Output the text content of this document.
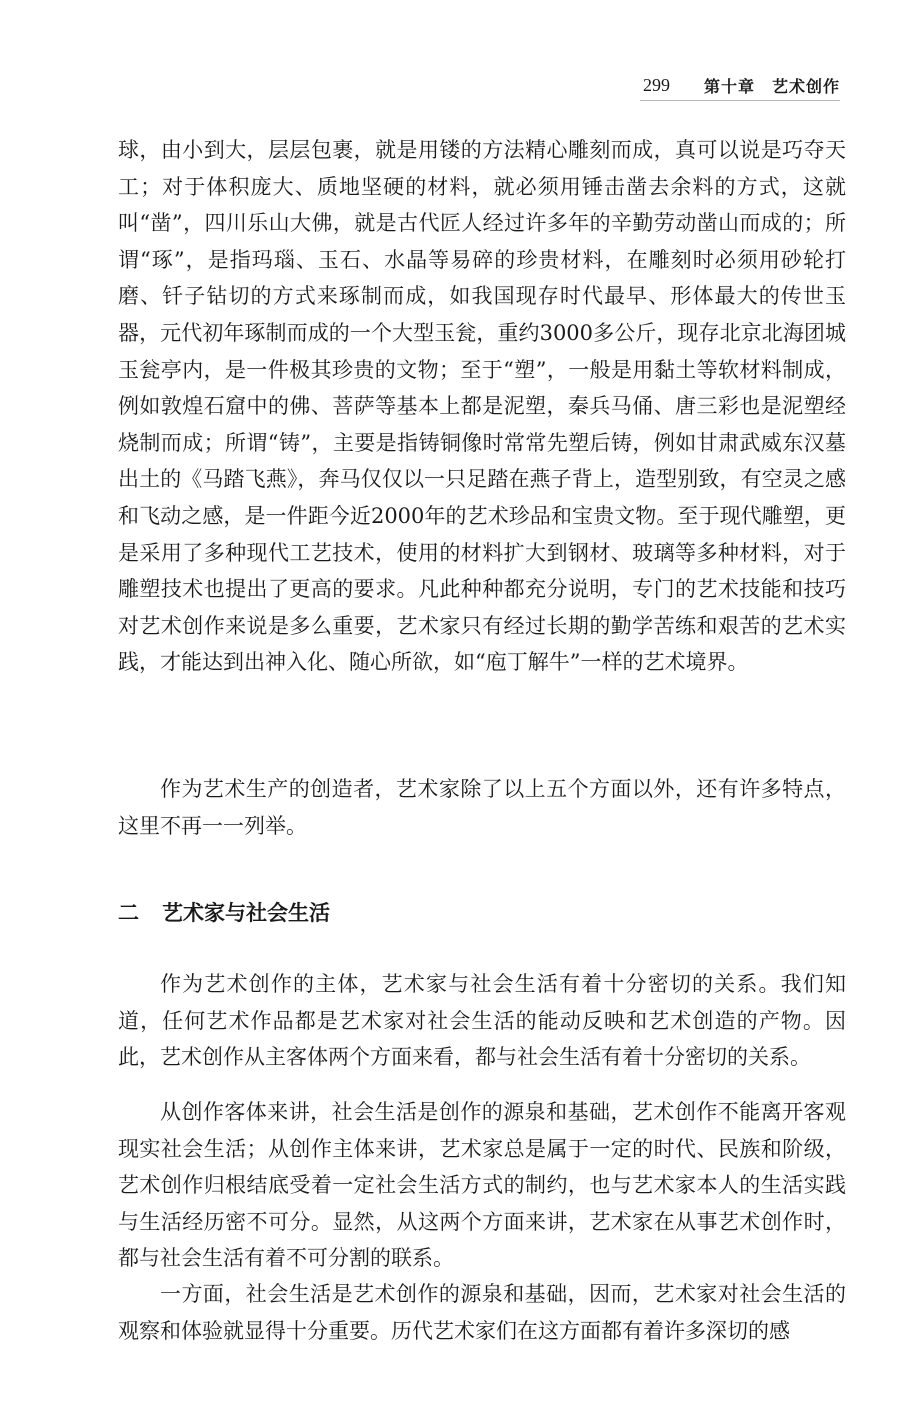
299 第十章　艺术创作

球，由小到大，层层包裹，就是用镂的方法精心雕刻而成，真可以说是巧夺天工；对于体积庞大、质地坚硬的材料，就必须用锤击凿去余料的方式，这就叫“凿”，四川乐山大佛，就是古代匠人经过许多年的辛勤劳动凿山而成的；所谓“琢”，是指玛瑙、玉石、水晶等易碎的珍贵材料，在雕刻时必须用砂轮打磨、钎子钻切的方式来琢制而成，如我国现存时代最早、形体最大的传世玉器，元代初年琢制而成的一个大型玉瓮，重约3000多公斤，现存北京北海团城玉瓮亭内，是一件极其珍贵的文物；至于“塑”，一般是用黏土等软材料制成，例如敦煌石窟中的佛、菩萨等基本上都是泥塑，秦兵马俑、唐三彩也是泥塑经烧制而成；所谓“铸”，主要是指铸铜像时常常先塑后铸，例如甘肃武威东汉墓出土的《马踏飞燕》，奔马仅仅以一只足踏在燕子背上，造型别致，有空灵之感和飞动之感，是一件距今近2000年的艺术珍品和宝贵文物。至于现代雕塑，更是采用了多种现代工艺技术，使用的材料扩大到钢材、玻璃等多种材料，对于雕塑技术也提出了更高的要求。凡此种种都充分说明，专门的艺术技能和技巧对艺术创作来说是多么重要，艺术家只有经过长期的勤学苦练和艰苦的艺术实践，才能达到出神入化、随心所欲，如“庖丁解牛”一样的艺术境界。

作为艺术生产的创造者，艺术家除了以上五个方面以外，还有许多特点，这里不再一一列举。

二 艺术家与社会生活

作为艺术创作的主体，艺术家与社会生活有着十分密切的关系。我们知道，任何艺术作品都是艺术家对社会生活的能动反映和艺术创造的产物。因此，艺术创作从主客体两个方面来看，都与社会生活有着十分密切的关系。

从创作客体来讲，社会生活是创作的源泉和基础，艺术创作不能离开客观现实社会生活；从创作主体来讲，艺术家总是属于一定的时代、民族和阶级，艺术创作归根结底受着一定社会生活方式的制约，也与艺术家本人的生活实践与生活经历密不可分。显然，从这两个方面来讲，艺术家在从事艺术创作时，都与社会生活有着不可分割的联系。

一方面，社会生活是艺术创作的源泉和基础，因而，艺术家对社会生活的观察和体验就显得十分重要。历代艺术家们在这方面都有着许多深切的感
